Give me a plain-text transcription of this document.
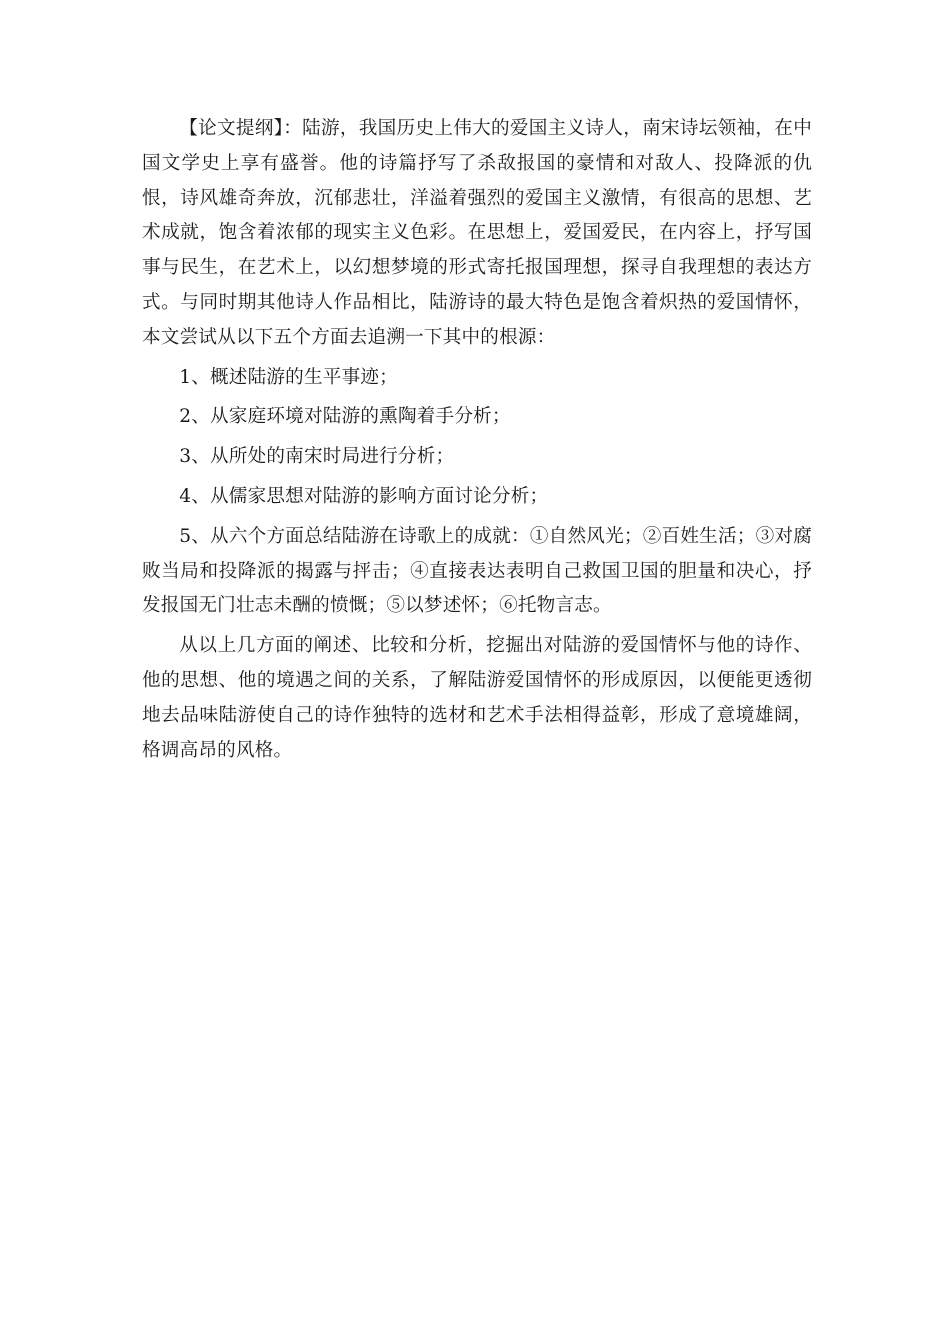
【论文提纲】：陆游，我国历史上伟大的爱国主义诗人，南宋诗坛领袖，在中国文学史上享有盛誉。他的诗篇抒写了杀敌报国的豪情和对敌人、投降派的仇恨，诗风雄奇奔放，沉郁悲壮，洋溢着强烈的爱国主义激情，有很高的思想、艺术成就，饱含着浓郁的现实主义色彩。在思想上，爱国爱民，在内容上，抒写国事与民生，在艺术上，以幻想梦境的形式寄托报国理想，探寻自我理想的表达方式。与同时期其他诗人作品相比，陆游诗的最大特色是饱含着炽热的爱国情怀，本文尝试从以下五个方面去追溯一下其中的根源：

1、概述陆游的生平事迹；

2、从家庭环境对陆游的熏陶着手分析；

3、从所处的南宋时局进行分析；

4、从儒家思想对陆游的影响方面讨论分析；

5、从六个方面总结陆游在诗歌上的成就：①自然风光；②百姓生活；③对腐败当局和投降派的揭露与抨击；④直接表达表明自己救国卫国的胆量和决心，抒发报国无门壮志未酬的愤慨；⑤以梦述怀；⑥托物言志。

从以上几方面的阐述、比较和分析，挖掘出对陆游的爱国情怀与他的诗作、他的思想、他的境遇之间的关系，了解陆游爱国情怀的形成原因，以便能更透彻地去品味陆游使自己的诗作独特的选材和艺术手法相得益彰，形成了意境雄阔，格调高昂的风格。
